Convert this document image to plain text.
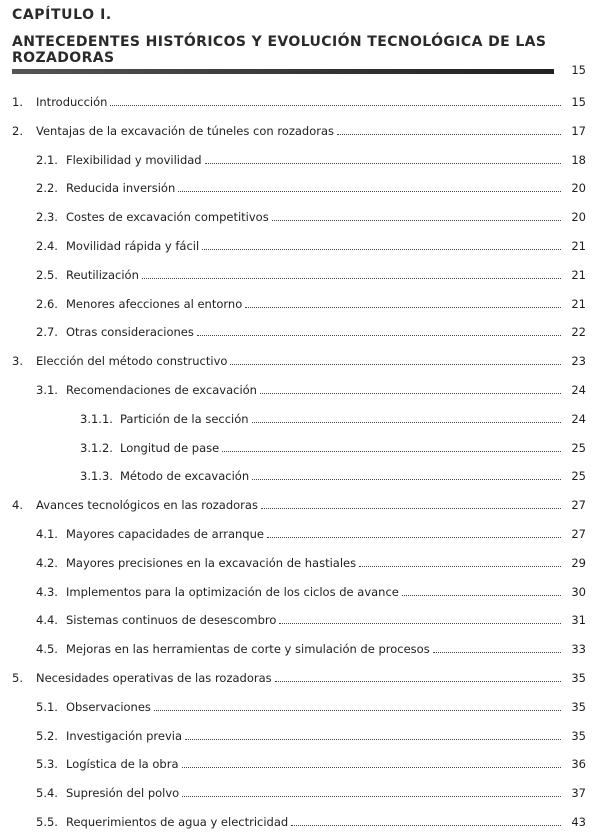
CAPÍTULO I.
ANTECEDENTES HISTÓRICOS Y EVOLUCIÓN TECNOLÓGICA DE LAS ROZADORAS
15
1.	Introducción	15
2.	Ventajas de la excavación de túneles con rozadoras	17
2.1. Flexibilidad y movilidad	18
2.2. Reducida inversión	20
2.3. Costes de excavación competitivos	20
2.4. Movilidad rápida y fácil	21
2.5. Reutilización	21
2.6. Menores afecciones al entorno	21
2.7. Otras consideraciones	22
3.	Elección del método constructivo	23
3.1. Recomendaciones de excavación	24
3.1.1. Partición de la sección	24
3.1.2. Longitud de pase	25
3.1.3. Método de excavación	25
4.	Avances tecnológicos en las rozadoras	27
4.1. Mayores capacidades de arranque	27
4.2. Mayores precisiones en la excavación de hastiales	29
4.3. Implementos para la optimización de los ciclos de avance	30
4.4. Sistemas continuos de desescombro	31
4.5. Mejoras en las herramientas de corte y simulación de procesos	33
5.	Necesidades operativas de las rozadoras	35
5.1. Observaciones	35
5.2. Investigación previa	35
5.3. Logística de la obra	36
5.4. Supresión del polvo	37
5.5. Requerimientos de agua y electricidad	43
